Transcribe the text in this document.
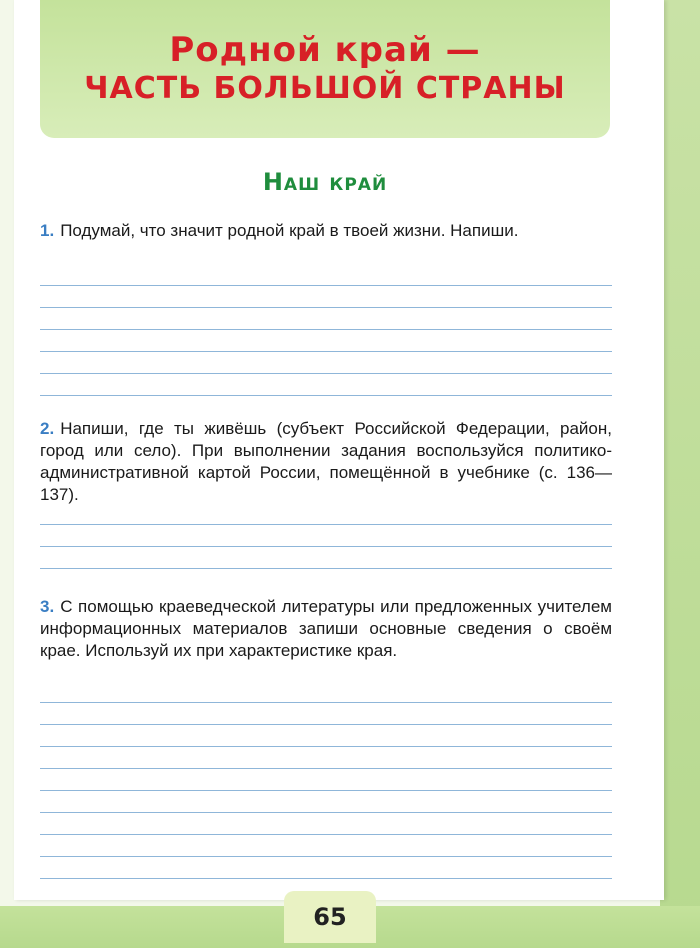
Родной край —
ЧАСТЬ БОЛЬШОЙ СТРАНЫ
Наш край
1. Подумай, что значит родной край в твоей жизни. Напиши.
2. Напиши, где ты живёшь (субъект Российской Федерации, район, город или село). При выполнении задания воспользуйся политико-административной картой России, помещённой в учебнике (с. 136—137).
3. С помощью краеведческой литературы или предложенных учителем информационных материалов запиши основные сведения о своём крае. Используй их при характеристике края.
65
